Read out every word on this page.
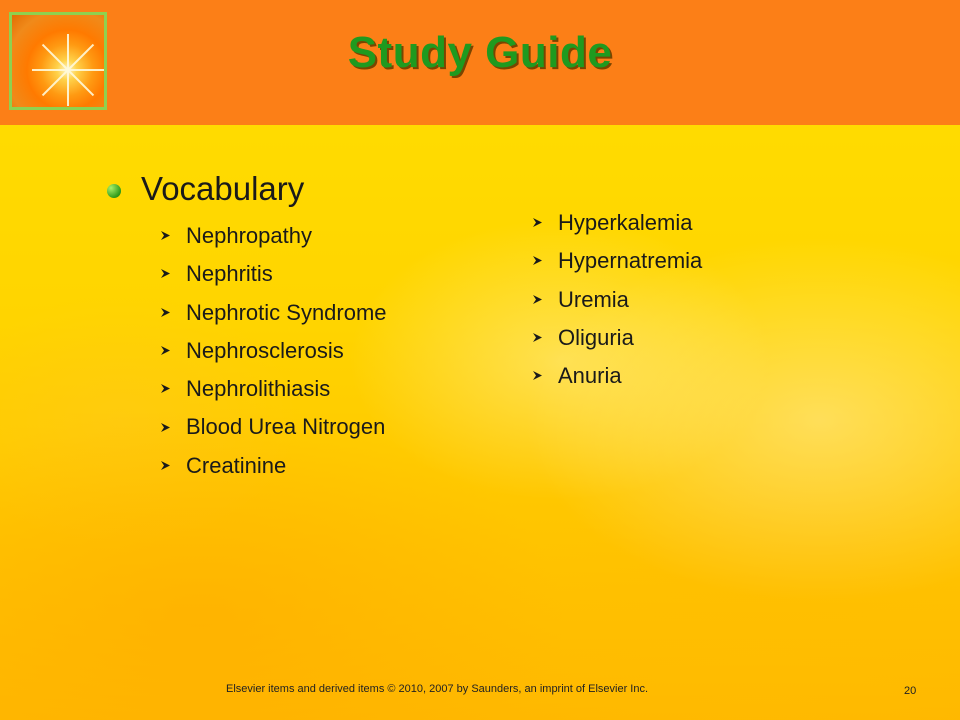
Study Guide
Vocabulary
Nephropathy
Nephritis
Nephrotic Syndrome
Nephrosclerosis
Nephrolithiasis
Blood Urea Nitrogen
Creatinine
Hyperkalemia
Hypernatremia
Uremia
Oliguria
Anuria
Elsevier items and derived items © 2010, 2007 by Saunders, an imprint of Elsevier Inc.	20
